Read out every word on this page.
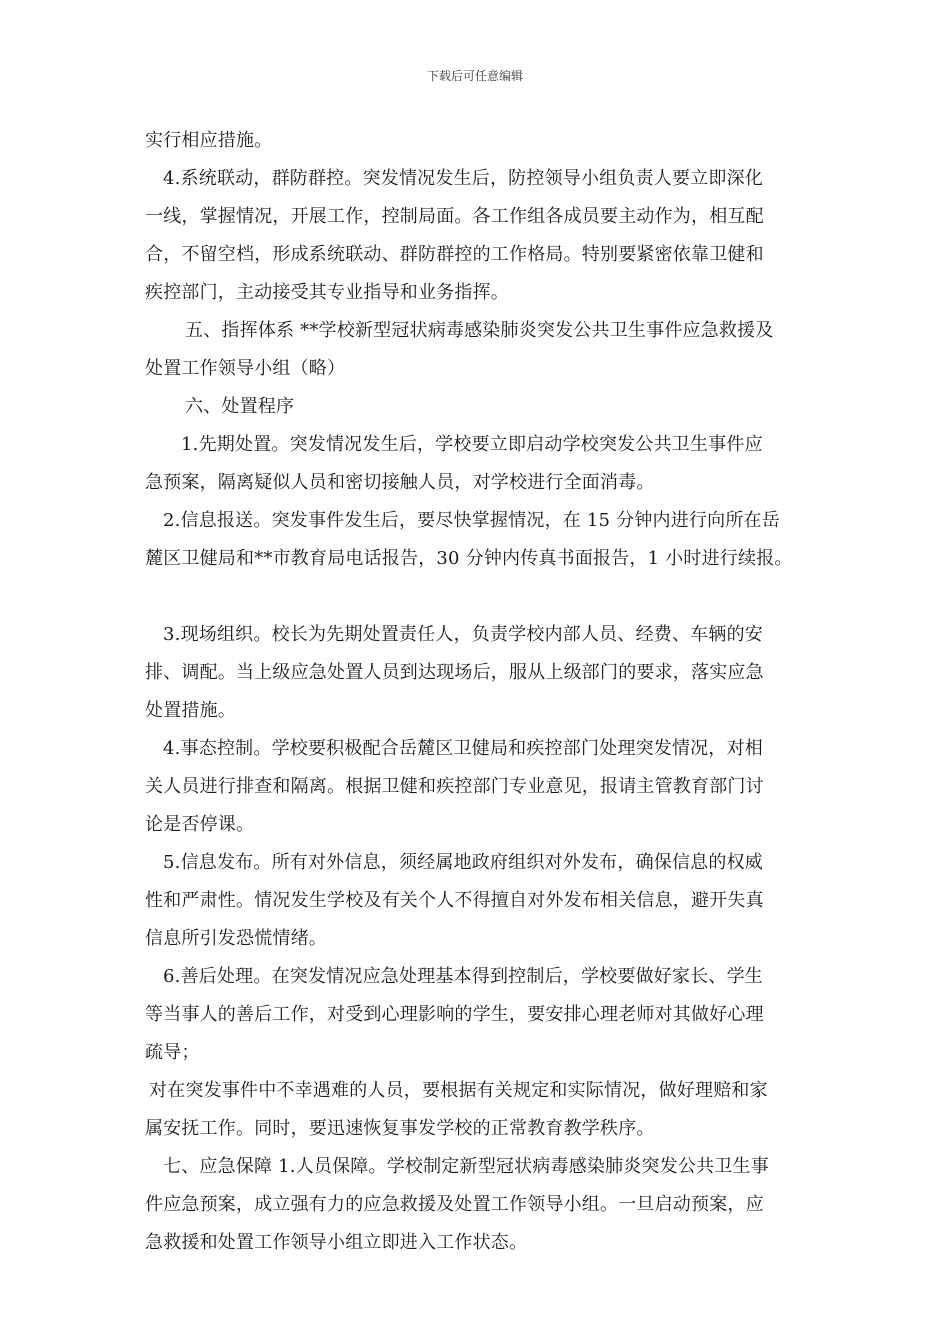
下载后可任意编辑
实行相应措施。
4.系统联动，群防群控。突发情况发生后，防控领导小组负责人要立即深化
一线，掌握情况，开展工作，控制局面。各工作组各成员要主动作为，相互配
合，不留空档，形成系统联动、群防群控的工作格局。特别要紧密依靠卫健和
疾控部门，主动接受其专业指导和业务指挥。
五、指挥体系 **学校新型冠状病毒感染肺炎突发公共卫生事件应急救援及
处置工作领导小组（略）
六、处置程序
1.先期处置。突发情况发生后，学校要立即启动学校突发公共卫生事件应
急预案，隔离疑似人员和密切接触人员，对学校进行全面消毒。
2.信息报送。突发事件发生后，要尽快掌握情况，在 15 分钟内进行向所在岳
麓区卫健局和**市教育局电话报告，30 分钟内传真书面报告，1 小时进行续报。
3.现场组织。校长为先期处置责任人，负责学校内部人员、经费、车辆的安
排、调配。当上级应急处置人员到达现场后，服从上级部门的要求，落实应急
处置措施。
4.事态控制。学校要积极配合岳麓区卫健局和疾控部门处理突发情况，对相
关人员进行排查和隔离。根据卫健和疾控部门专业意见，报请主管教育部门讨
论是否停课。
5.信息发布。所有对外信息，须经属地政府组织对外发布，确保信息的权威
性和严肃性。情况发生学校及有关个人不得擅自对外发布相关信息，避开失真
信息所引发恐慌情绪。
6.善后处理。在突发情况应急处理基本得到控制后，学校要做好家长、学生
等当事人的善后工作，对受到心理影响的学生，要安排心理老师对其做好心理
疏导；
对在突发事件中不幸遇难的人员，要根据有关规定和实际情况，做好理赔和家
属安抚工作。同时，要迅速恢复事发学校的正常教育教学秩序。
七、应急保障 1.人员保障。学校制定新型冠状病毒感染肺炎突发公共卫生事
件应急预案，成立强有力的应急救援及处置工作领导小组。一旦启动预案，应
急救援和处置工作领导小组立即进入工作状态。
